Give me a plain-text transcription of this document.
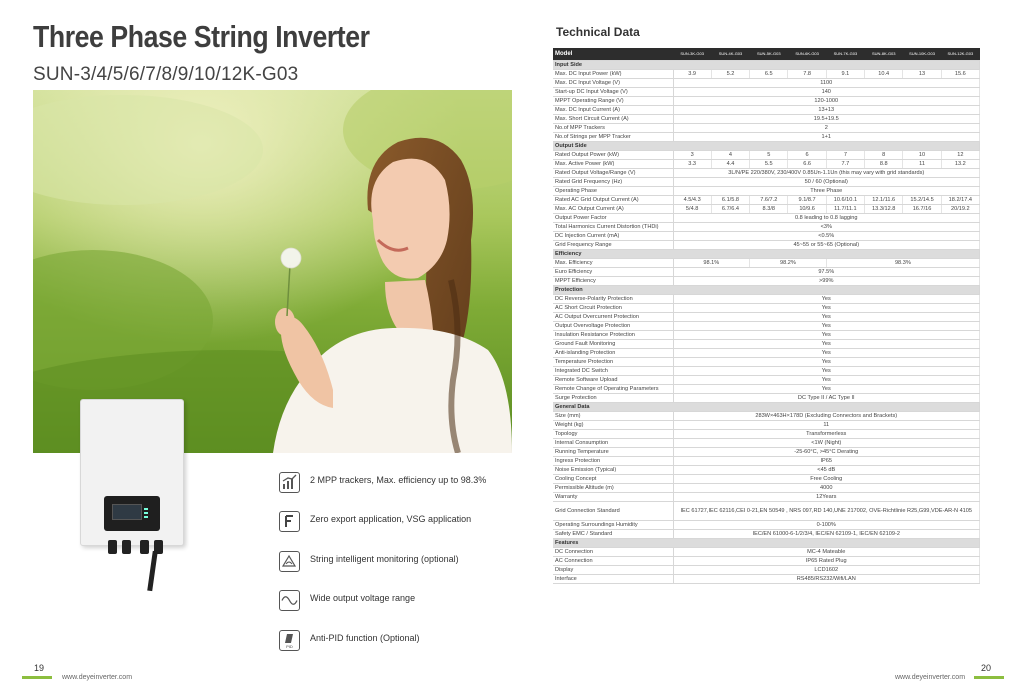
Three Phase String Inverter
SUN-3/4/5/6/7/8/9/10/12K-G03
2 MPP trackers, Max. efficiency up to 98.3%
Zero export application, VSG application
String intelligent monitoring (optional)
Wide output voltage range
PID
Anti-PID function (Optional)
19
www.deyeinverter.com
20
www.deyeinverter.com
Technical Data
Model	SUN-3K-G03	SUN-4K-G03	SUN-5K-G03	SUN-6K-G03	SUN-7K-G03	SUN-8K-G03	SUN-10K-G03	SUN-12K-G03
Input Side								
Max. DC Input Power (kW)	3.9	5.2	6.5	7.8	9.1	10.4	13	15.6
Max. DC Input Voltage (V)	1100							
Start-up DC Input Voltage (V)	140							
MPPT Operating Range (V)	120-1000							
Max. DC Input Current (A)	13+13							
Max. Short Circuit Current (A)	19.5+19.5							
No.of MPP Trackers	2							
No.of Strings per MPP Tracker	1+1							
Output Side								
Rated Output Power (kW)	3	4	5	6	7	8	10	12
Max. Active Power (kW)	3.3	4.4	5.5	6.6	7.7	8.8	11	13.2
Rated Output Voltage/Range (V)	3L/N/PE 220/380V, 230/400V 0.85Un-1.1Un (this may vary with grid standards)							
Rated Grid Frequency (Hz)	50 / 60 (Optional)							
Operating Phase	Three Phase							
Rated AC Grid Output Current (A)	4.5/4.3	6.1/5.8	7.6/7.2	9.1/8.7	10.6/10.1	12.1/11.6	15.2/14.5	18.2/17.4
Max. AC Output Current (A)	5/4.8	6.7/6.4	8.3/8	10/9.6	11.7/11.1	13.3/12.8	16.7/16	20/19.2
Output Power Factor	0.8 leading to 0.8 lagging							
Total Harmonics Current Distortion (THDi)	<3%							
DC Injection Current (mA)	<0.5%							
Grid Frequency Range	45~55 or 55~65 (Optional)							
Efficiency								
Max. Efficiency	98.1%		98.2%		98.3%			
Euro Efficiency	97.5%							
MPPT Efficiency	>99%							
Protection								
DC Reverse-Polarity Protection	Yes							
AC Short Circuit Protection	Yes							
AC Output Overcurrent Protection	Yes							
Output Overvoltage Protection	Yes							
Insulation Resistance Protection	Yes							
Ground Fault Monitoring	Yes							
Anti-islanding Protection	Yes							
Temperature Protection	Yes							
Integrated DC Switch	Yes							
Remote Software Upload	Yes							
Remote Change of Operating Parameters	Yes							
Surge Protection	DC Type II / AC Type II							
General Data								
Size (mm)	283W×463H×178D (Excluding Connectors and Brackets)							
Weight (kg)	11							
Topology	Transformerless							
Internal Consumption	<1W (Night)							
Running Temperature	-25-60°C, >45°C Derating							
Ingress Protection	IP65							
Noise Emission (Typical)	<45 dB							
Cooling Concept	Free Cooling							
Permissible Altitude (m)	4000							
Warranty	12Years							
Grid Connection Standard	IEC 61727,IEC 62116,CEI 0-21,EN 50549 , NRS 097,RD 140,UNE 217002, OVE-Richtlinie R25,G99,VDE-AR-N 4105							
Operating Surroundings Humidity	0-100%							
Safety EMC / Standard	IEC/EN 61000-6-1/2/3/4, IEC/EN 62109-1, IEC/EN 62109-2							
Features								
DC Connection	MC-4 Mateable							
AC Connection	IP65 Rated Plug							
Display	LCD1602							
Interface	RS485/RS232/Wifi/LAN							
